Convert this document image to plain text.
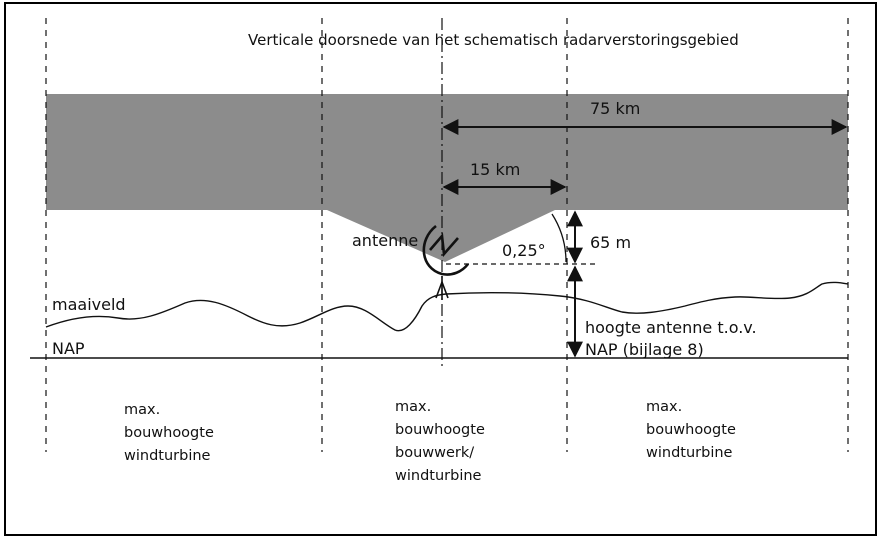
Verticale doorsnede van het schematisch radarverstoringsgebied
75 km
15 km
65 m
0,25°
antenne
maaiveld
NAP
hoogte antenne t.o.v.
NAP (bijlage 8)
max.
bouwhoogte
windturbine
max.
bouwhoogte
bouwwerk/
windturbine
max.
bouwhoogte
windturbine
